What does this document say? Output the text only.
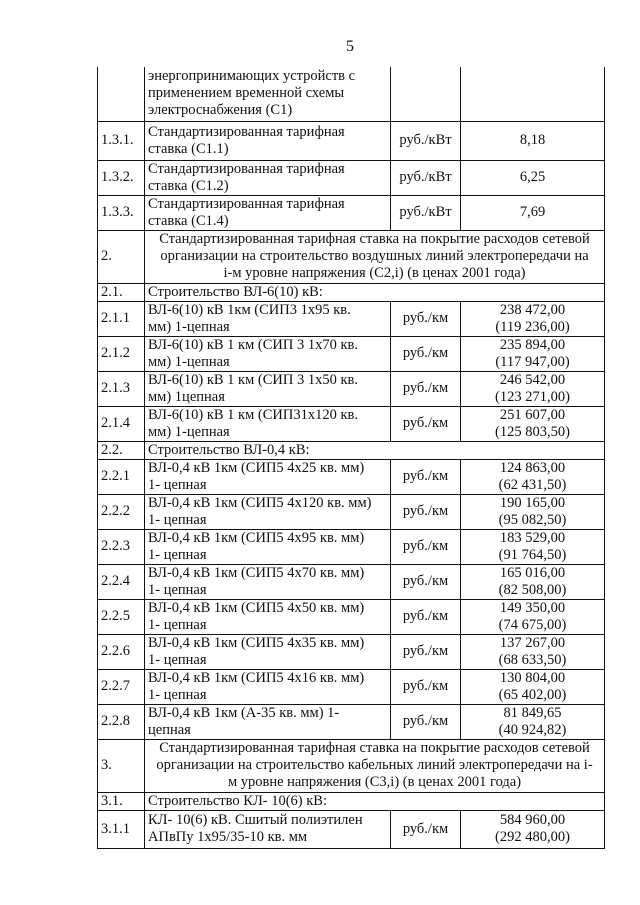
5
	энергопринимающих устройств с
применением временной схемы
электроснабжения (С1)		
1.3.1.	Стандартизированная тарифная
ставка (С1.1)	руб./кВт	8,18
1.3.2.	Стандартизированная тарифная
ставка (С1.2)	руб./кВт	6,25
1.3.3.	Стандартизированная тарифная
ставка (С1.4)	руб./кВт	7,69
2.	Стандартизированная тарифная ставка на покрытие расходов сетевой
организации на строительство воздушных линий электропередачи на
i-м уровне напряжения (С2,i) (в ценах 2001 года)		
2.1.	Строительство ВЛ-6(10) кВ:		
2.1.1	ВЛ-6(10) кВ 1км (СИП3 1х95 кв.
мм) 1-цепная	руб./км	238 472,00
(119 236,00)
2.1.2	ВЛ-6(10) кВ 1 км (СИП 3 1х70 кв.
мм) 1-цепная	руб./км	235 894,00
(117 947,00)
2.1.3	ВЛ-6(10) кВ 1 км (СИП 3 1х50 кв.
мм) 1цепная	руб./км	246 542,00
(123 271,00)
2.1.4	ВЛ-6(10) кВ 1 км (СИП31х120 кв.
мм) 1-цепная	руб./км	251 607,00
(125 803,50)
2.2.	Строительство ВЛ-0,4 кВ:		
2.2.1	ВЛ-0,4 кВ 1км (СИП5 4х25 кв. мм)
1- цепная	руб./км	124 863,00
(62 431,50)
2.2.2	ВЛ-0,4 кВ 1км (СИП5 4х120 кв. мм)
1- цепная	руб./км	190 165,00
(95 082,50)
2.2.3	ВЛ-0,4 кВ 1км (СИП5 4х95 кв. мм)
1- цепная	руб./км	183 529,00
(91 764,50)
2.2.4	ВЛ-0,4 кВ 1км (СИП5 4х70 кв. мм)
1- цепная	руб./км	165 016,00
(82 508,00)
2.2.5	ВЛ-0,4 кВ 1км (СИП5 4х50 кв. мм)
1- цепная	руб./км	149 350,00
(74 675,00)
2.2.6	ВЛ-0,4 кВ 1км (СИП5 4х35 кв. мм)
1- цепная	руб./км	137 267,00
(68 633,50)
2.2.7	ВЛ-0,4 кВ 1км (СИП5 4х16 кв. мм)
1- цепная	руб./км	130 804,00
(65 402,00)
2.2.8	ВЛ-0,4 кВ 1км (А-35 кв. мм) 1-
цепная	руб./км	81 849,65
(40 924,82)
3.	Стандартизированная тарифная ставка на покрытие расходов сетевой
организации на строительство кабельных линий электропередачи на i-
м уровне напряжения (С3,i) (в ценах 2001 года)		
3.1.	Строительство КЛ- 10(6) кВ:		
3.1.1	КЛ- 10(6) кВ. Сшитый полиэтилен
АПвПу 1х95/35-10 кв. мм	руб./км	584 960,00
(292 480,00)
